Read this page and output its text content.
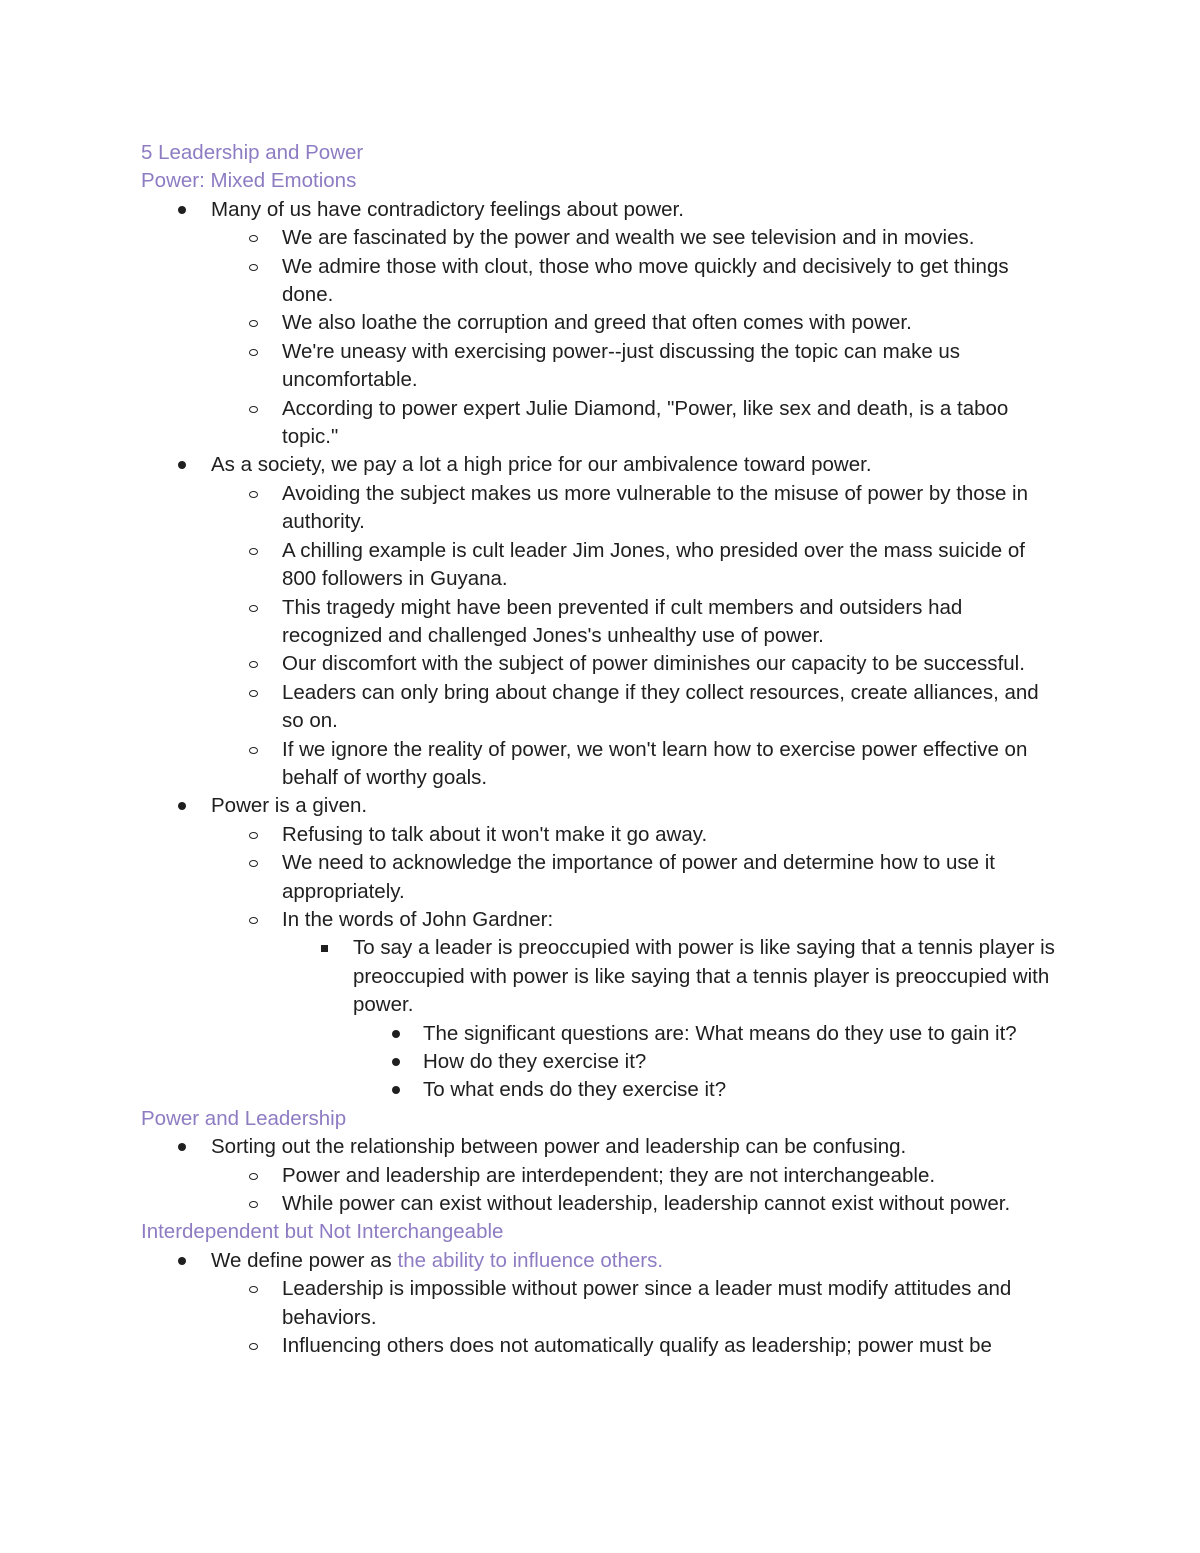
5 Leadership and Power
Power: Mixed Emotions
Many of us have contradictory feelings about power.
We are fascinated by the power and wealth we see television and in movies.
We admire those with clout, those who move quickly and decisively to get things done.
We also loathe the corruption and greed that often comes with power.
We're uneasy with exercising power--just discussing the topic can make us uncomfortable.
According to power expert Julie Diamond, "Power, like sex and death, is a taboo topic."
As a society, we pay a lot a high price for our ambivalence toward power.
Avoiding the subject makes us more vulnerable to the misuse of power by those in authority.
A chilling example is cult leader Jim Jones, who presided over the mass suicide of 800 followers in Guyana.
This tragedy might have been prevented if cult members and outsiders had recognized and challenged Jones's unhealthy use of power.
Our discomfort with the subject of power diminishes our capacity to be successful.
Leaders can only bring about change if they collect resources, create alliances, and so on.
If we ignore the reality of power, we won't learn how to exercise power effective on behalf of worthy goals.
Power is a given.
Refusing to talk about it won't make it go away.
We need to acknowledge the importance of power and determine how to use it appropriately.
In the words of John Gardner:
To say a leader is preoccupied with power is like saying that a tennis player is preoccupied with power is like saying that a tennis player is preoccupied with power.
The significant questions are: What means do they use to gain it?
How do they exercise it?
To what ends do they exercise it?
Power and Leadership
Sorting out the relationship between power and leadership can be confusing.
Power and leadership are interdependent; they are not interchangeable.
While power can exist without leadership, leadership cannot exist without power.
Interdependent but Not Interchangeable
We define power as the ability to influence others.
Leadership is impossible without power since a leader must modify attitudes and behaviors.
Influencing others does not automatically qualify as leadership; power must be
